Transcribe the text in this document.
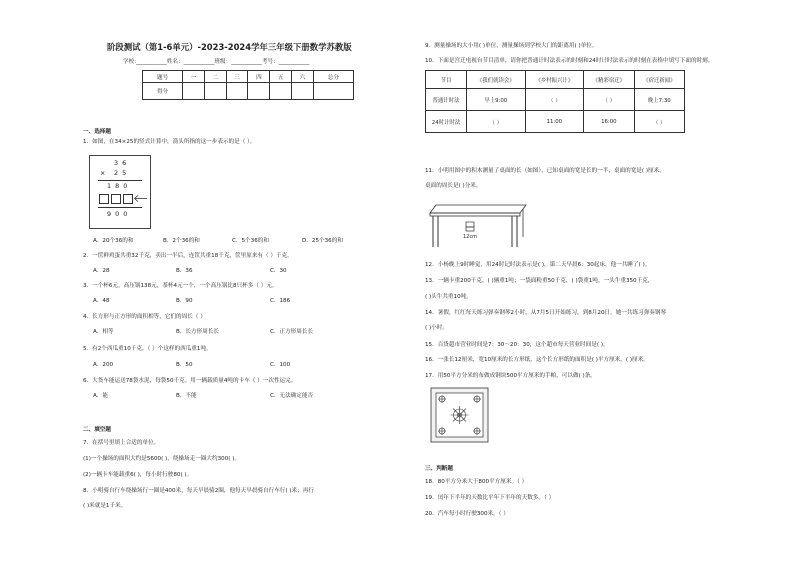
阶段测试（第1-6单元）-2023-2024学年三年级下册数学苏教版
学校:___________姓名：___________班级：___________考号：___________
题号	一	二	三	四	五	六	总分
得分							
一、选择题
1．如图，在34×25的竖式计算中，箭头所指的这一步表示的是（ ）。
3 6
× 2 5
1 8 0
9 0 0
A．20个36的和	B．2个36的和	C．5个36的和	D．25个36的和
2．一筐鲜鸡蛋共重32千克，卖出一半后，连筐共重18千克，筐里原来有（ ）千克。
A．28	B．36	C．30
3．一个杯6元，高压锅138元，茶杯4元一个，一个高压锅比8只杯多（ ）元。
A．48	B．90	C．186
4．长方形与正方形的面积相等，它们的周长（ ）
A．相等	B．长方形周长长	C．正方形周长长
5．有2个西瓜重10千克，（ ）个这样的西瓜重1吨。
A．200	B．50	C．100
6．大货车能运送78袋水泥，每袋50千克。用一辆载质量4吨的卡车（ ）一次性运完。
A．能	B．不能	C．无法确定能否
二、填空题
7．在括号里填上合适的单位。
(1)一个操场的面积大约是5600( )，绕操场走一圈大约300( )。
(2)一辆卡车能载重6( )，每小时行驶80( )。
8．小明骑自行车绕操场行一圈是400米，每天早晨骑2圈，他每天早晨骑自行车行( )米；再行
( )米就是1千米。
9．测量操场的大小用( )单位，测量操场到学校大门的距离用( )单位。
10．下面是宫迁电视台节目清单，请你把普通计时法表示的时刻和24时计时法表示的时刻在表格中填写下面的时刻。
节目	《我们就读会》	《乡村振兴计》	《精彩宿迁》	《宿迁新闻》
普通计时法	早上9:00	（ ）	（ ）	晚上7:30
24时计时法	（ ）	11:00	16:00	（ ）
11．小明用图中的积木测量了桌面的长（如图），已知桌面的宽是长的一半，桌面的宽是( )厘米，
桌面的周长是( )分米。
12cm
12．小杨晚上9时睡觉，用24时记时法表示是( )，第二天早晨6：30起床，他一共睡了( )。
13．一辆卡重200千克，( )辆重1吨；一袋面粉重50千克，( )袋重1吨，一头牛重350千克，
( )头牛共重10吨。
14．暑假，红红每天练习弹奏钢琴2小时，从7月5日开始练习，到8月20日，她一共练习弹奏钢琴
( )小时。
15．百货超市营业时间是7：30～20：30，这个超市每天营业时间是( )。
16．一张长12厘米，宽10厘米的长方形纸，这个长方形纸的面积是( )平方厘米，( )厘米。
17．用50平方分米的布做成钢块500平方厘米的手帕，可以做( )条。
三、判断题
18．80平方分米大于800平方厘米。（ ）
19．闰年下半年的天数比平年下半年的天数多。（ ）
20．汽车每小时行驶300米。（ ）
